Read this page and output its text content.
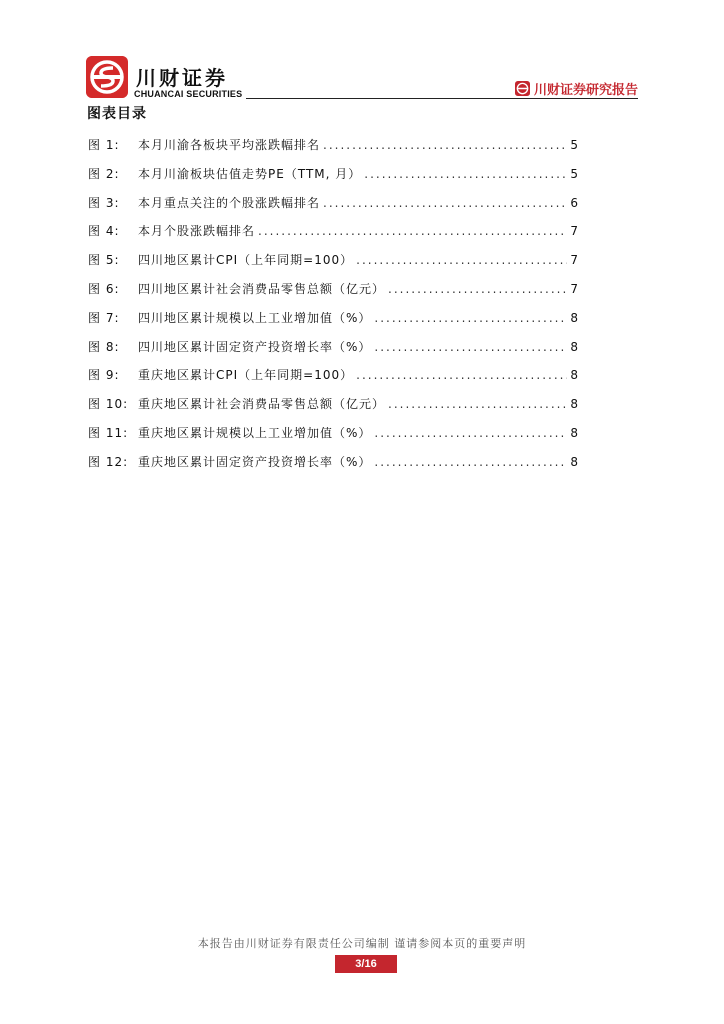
川财证券
CHUANCAI SECURITIES	川财证券研究报告
图表目录
图 1:	本月川渝各板块平均涨跌幅排名 .....	5
图 2:	本月川渝板块估值走势PE（TTM, 月） .....	5
图 3:	本月重点关注的个股涨跌幅排名 .....	6
图 4:	本月个股涨跌幅排名 .....	7
图 5:	四川地区累计CPI（上年同期=100） .....	7
图 6:	四川地区累计社会消费品零售总额（亿元） .....	7
图 7:	四川地区累计规模以上工业增加值（%） .....	8
图 8:	四川地区累计固定资产投资增长率（%） .....	8
图 9:	重庆地区累计CPI（上年同期=100） .....	8
图 10: 重庆地区累计社会消费品零售总额（亿元） .....	8
图 11: 重庆地区累计规模以上工业增加值（%） .....	8
图 12: 重庆地区累计固定资产投资增长率（%） .....	8
本报告由川财证券有限责任公司编制 谨请参阅本页的重要声明
3/16
